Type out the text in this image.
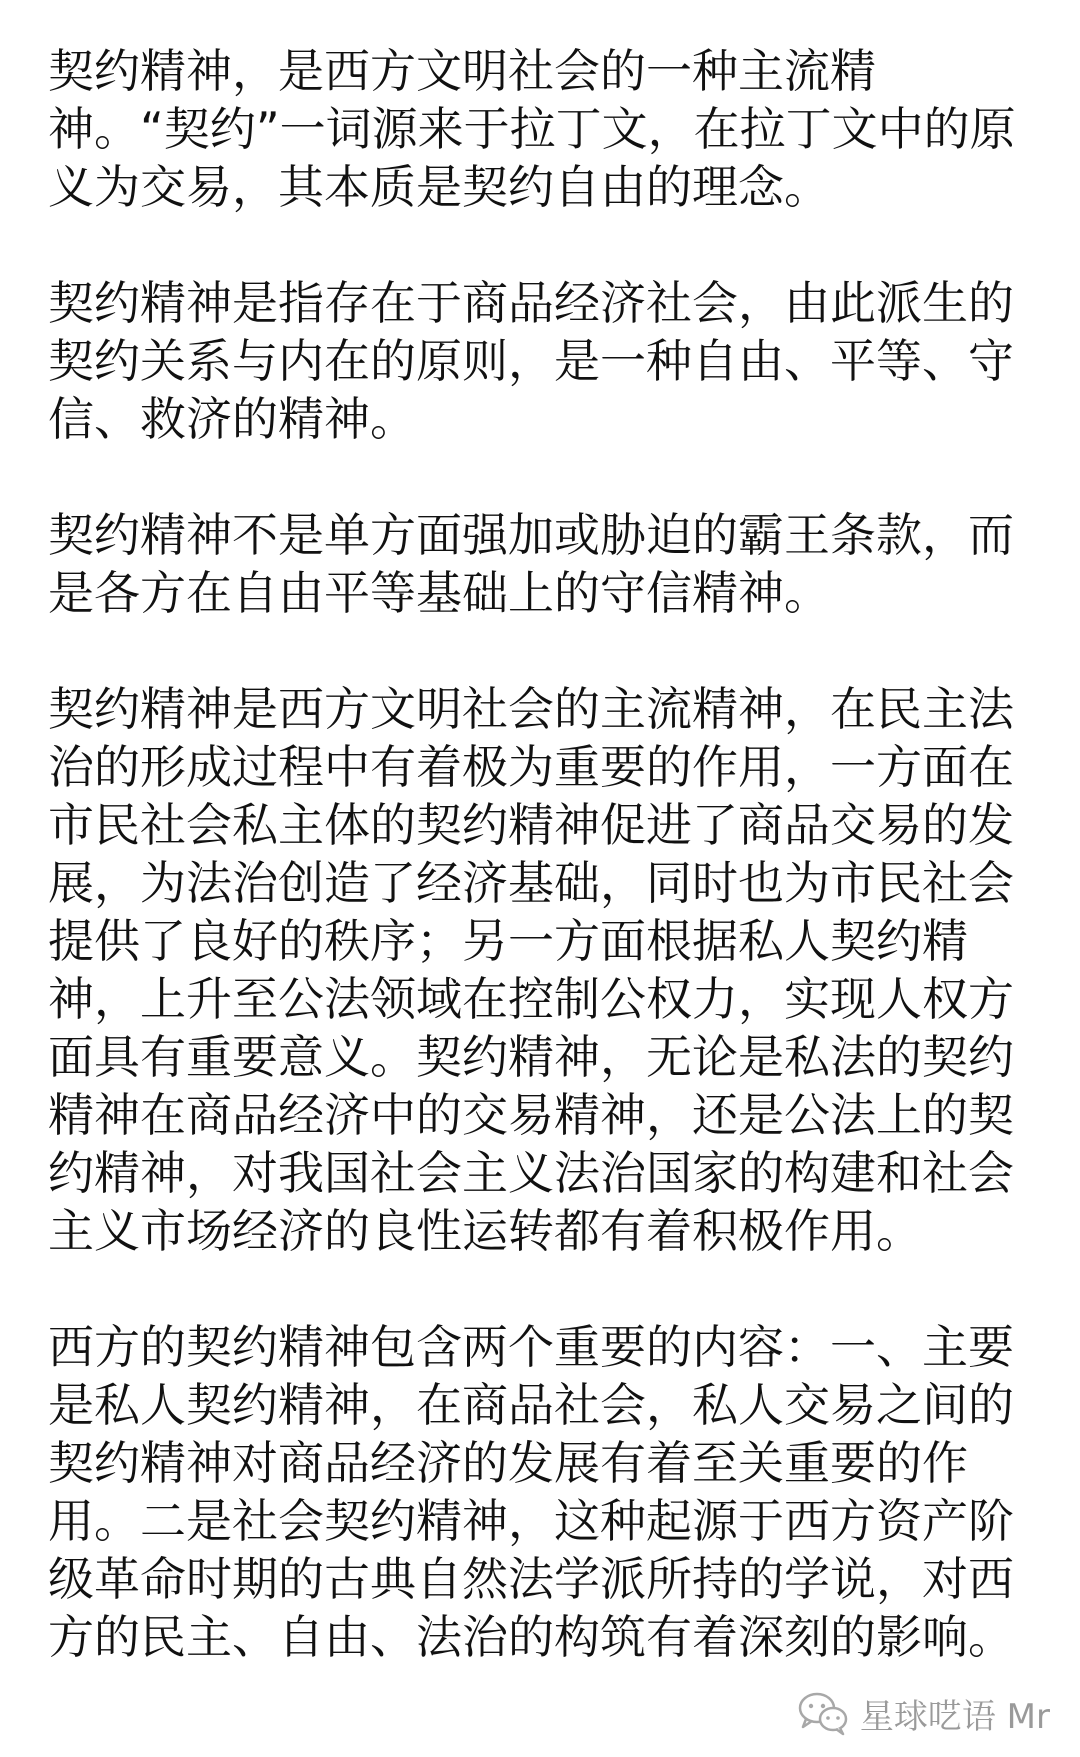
契约精神，是西方文明社会的一种主流精神。“契约”一词源来于拉丁文，在拉丁文中的原义为交易，其本质是契约自由的理念。

契约精神是指存在于商品经济社会，由此派生的契约关系与内在的原则，是一种自由、平等、守信、救济的精神。

契约精神不是单方面强加或胁迫的霸王条款，而是各方在自由平等基础上的守信精神。

契约精神是西方文明社会的主流精神，在民主法治的形成过程中有着极为重要的作用，一方面在市民社会私主体的契约精神促进了商品交易的发展，为法治创造了经济基础，同时也为市民社会提供了良好的秩序；另一方面根据私人契约精神，上升至公法领域在控制公权力，实现人权方面具有重要意义。契约精神，无论是私法的契约精神在商品经济中的交易精神，还是公法上的契约精神，对我国社会主义法治国家的构建和社会主义市场经济的良性运转都有着积极作用。

西方的契约精神包含两个重要的内容：一、主要是私人契约精神，在商品社会，私人交易之间的契约精神对商品经济的发展有着至关重要的作用。二是社会契约精神，这种起源于西方资产阶级革命时期的古典自然法学派所持的学说，对西方的民主、自由、法治的构筑有着深刻的影响。

星球呓语 Mr
